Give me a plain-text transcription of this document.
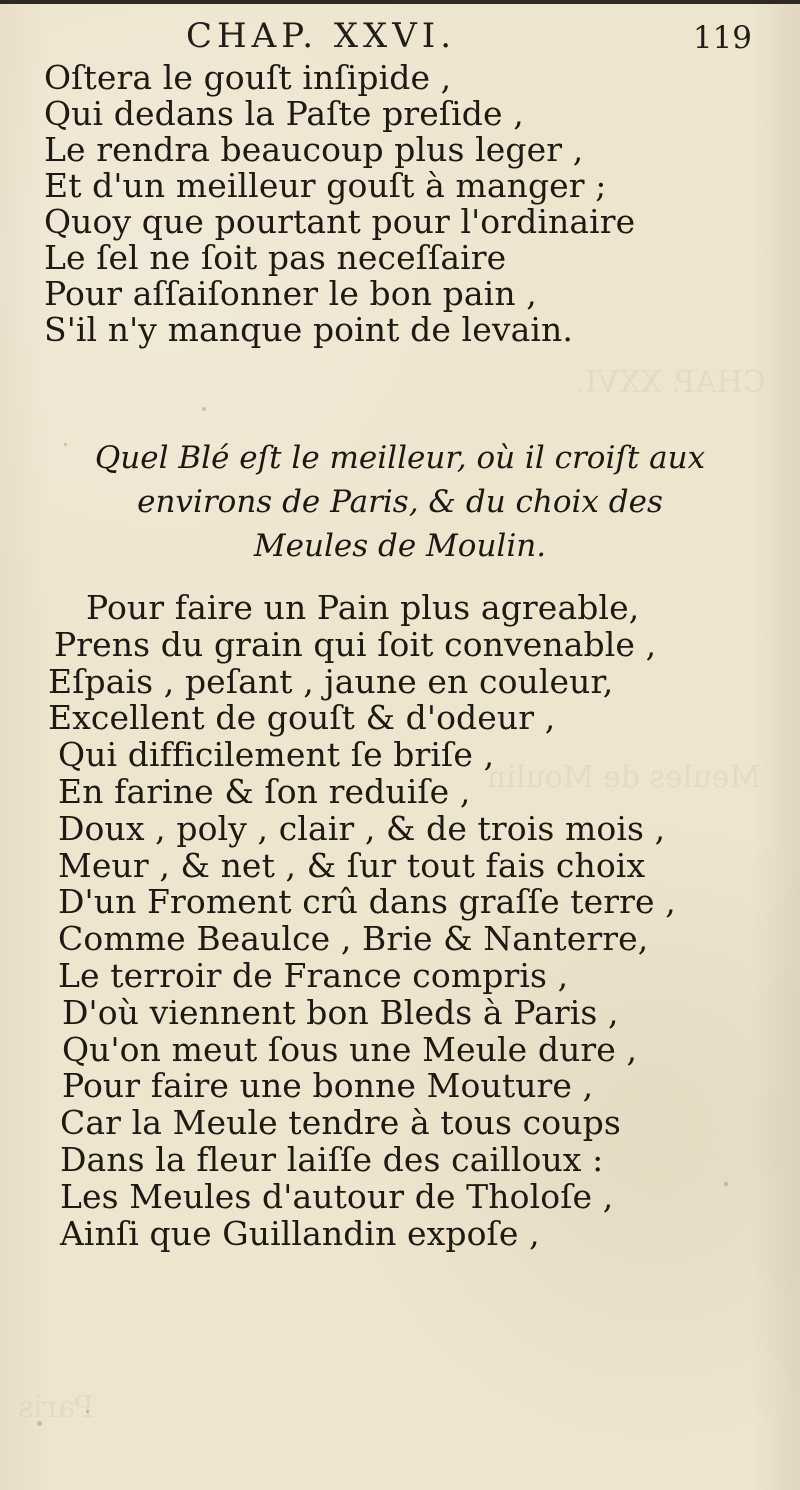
CHAP. XXVI.
Meules de Moulin
Paris
CHAP. XXVI.	119
Oſtera le gouſt inſipide ,
Qui dedans la Paſte preſide ,
Le rendra beaucoup plus leger ,
Et d'un meilleur gouſt à manger ;
Quoy que pourtant pour l'ordinaire
Le ſel ne ſoit pas neceſſaire
Pour aſſaiſonner le bon pain ,
S'il n'y manque point de levain.
Quel Blé eſt le meilleur, où il croiſt aux
environs de Paris, & du choix des
Meules de Moulin.
Pour faire un Pain plus agreable,
Prens du grain qui ſoit convenable ,
Eſpais , peſant , jaune en couleur,
Excellent de gouſt & d'odeur ,
Qui difficilement ſe briſe ,
En farine & ſon reduiſe ,
Doux , poly , clair , & de trois mois ,
Meur , & net , & ſur tout fais choix
D'un Froment crû dans graſſe terre ,
Comme Beaulce , Brie & Nanterre,
Le terroir de France compris ,
D'où viennent bon Bleds à Paris ,
Qu'on meut ſous une Meule dure ,
Pour faire une bonne Mouture ,
Car la Meule tendre à tous coups
Dans la fleur laiſſe des cailloux :
Les Meules d'autour de Tholoſe ,
Ainſi que Guillandin expoſe ,
